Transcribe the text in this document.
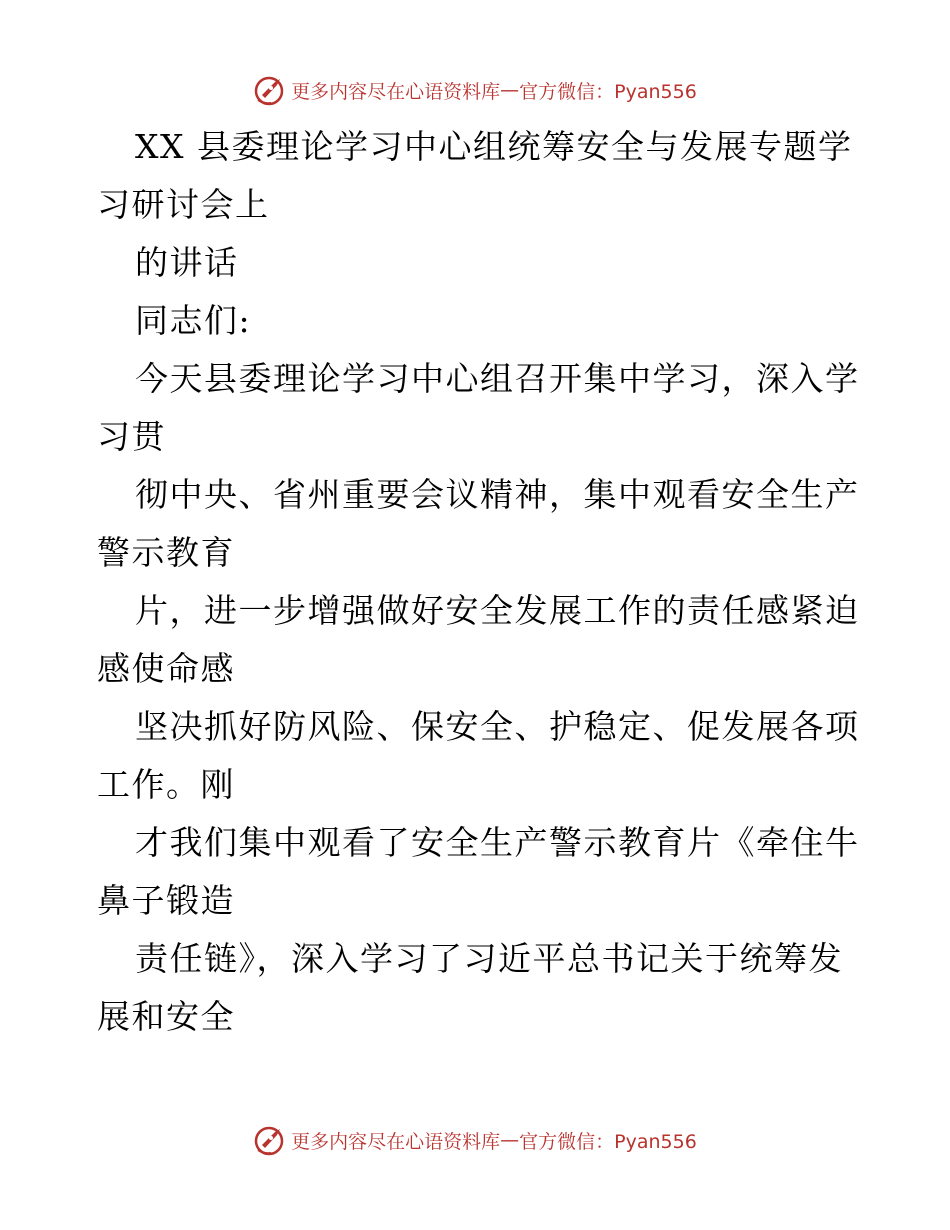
更多内容尽在心语资料库 — 官方微信：Pyan556

XX 县委理论学习中心组统筹安全与发展专题学

习研讨会上

的讲话

同志们:

今天县委理论学习中心组召开集中学习，深入学

习贯

彻中央、省州重要会议精神，集中观看安全生产

警示教育

片，进一步增强做好安全发展工作的责任感紧迫

感使命感

坚决抓好防风险、保安全、护稳定、促发展各项

工作。刚

才我们集中观看了安全生产警示教育片《牵住牛

鼻子锻造

责任链》，深入学习了习近平总书记关于统筹发

展和安全

更多内容尽在心语资料库 — 官方微信：Pyan556
